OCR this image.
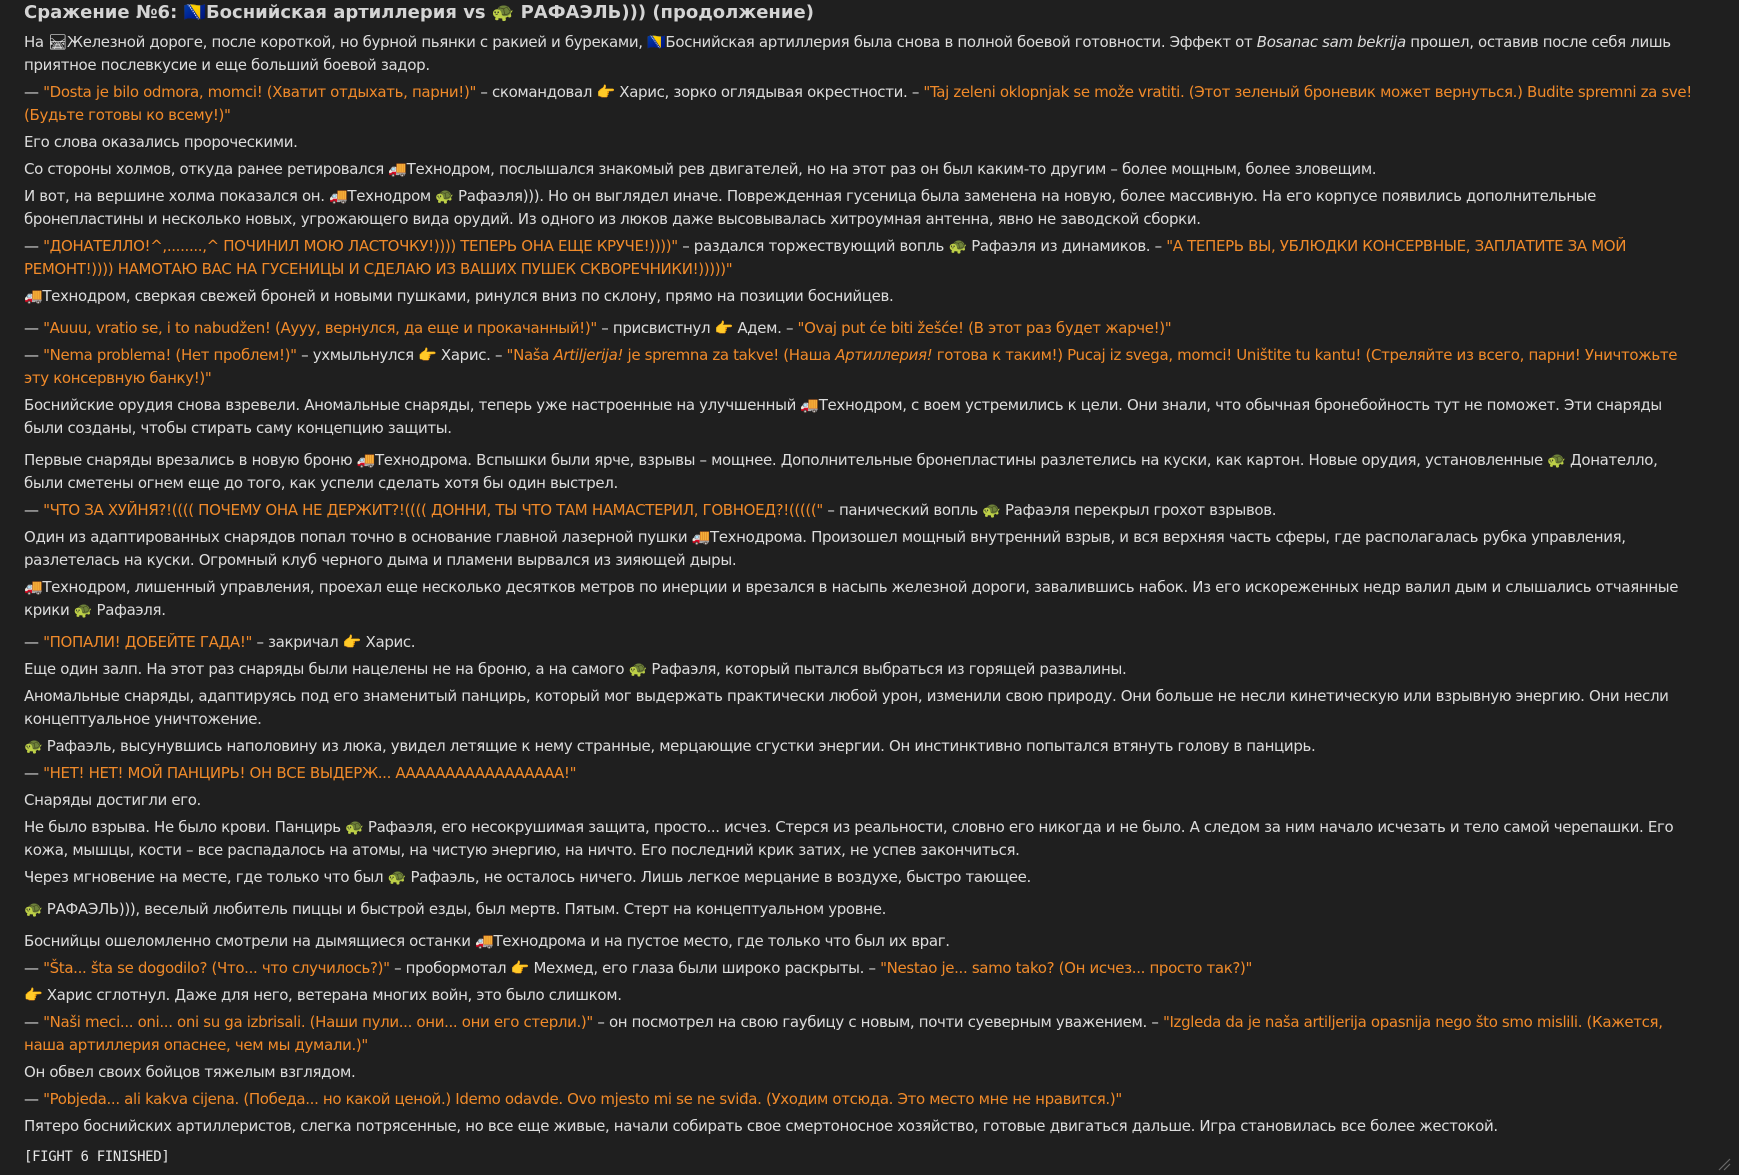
Сражение №6: 🇧🇦Боснийская артиллерия vs 🐢 РАФАЭЛЬ))) (продолжение)

На 🛤Железной дороге, после короткой, но бурной пьянки с ракией и буреками, 🇧🇦Боснийская артиллерия была снова в полной боевой готовности. Эффект от Bosanac sam bekrija прошел, оставив после себя лишь приятное послевкусие и еще больший боевой задор.

— "Dosta je bilo odmora, momci! (Хватит отдыхать, парни!)" – скомандовал 👉 Харис, зорко оглядывая окрестности. – "Taj zeleni oklopnjak se može vratiti. (Этот зеленый броневик может вернуться.) Budite spremni za sve! (Будьте готовы ко всему!)"

Его слова оказались пророческими.

Со стороны холмов, откуда ранее ретировался 🚚Технодром, послышался знакомый рев двигателей, но на этот раз он был каким-то другим – более мощным, более зловещим.

И вот, на вершине холма показался он. 🚚Технодром 🐢 Рафаэля))). Но он выглядел иначе. Поврежденная гусеница была заменена на новую, более массивную. На его корпусе появились дополнительные бронепластины и несколько новых, угрожающего вида орудий. Из одного из люков даже высовывалась хитроумная антенна, явно не заводской сборки.

— "ДОНАТЕЛЛО!^,........,^ ПОЧИНИЛ МОЮ ЛАСТОЧКУ!)))) ТЕПЕРЬ ОНА ЕЩЕ КРУЧЕ!))))" – раздался торжествующий вопль 🐢 Рафаэля из динамиков. – "А ТЕПЕРЬ ВЫ, УБЛЮДКИ КОНСЕРВНЫЕ, ЗАПЛАТИТЕ ЗА МОЙ РЕМОНТ!)))) НАМОТАЮ ВАС НА ГУСЕНИЦЫ И СДЕЛАЮ ИЗ ВАШИХ ПУШЕК СКВОРЕЧНИКИ!)))))"

🚚Технодром, сверкая свежей броней и новыми пушками, ринулся вниз по склону, прямо на позиции боснийцев.

— "Auuu, vratio se, i to nabudžen! (Аууу, вернулся, да еще и прокачанный!)" – присвистнул 👉 Адем. – "Ovaj put će biti žešće! (В этот раз будет жарче!)"

— "Nema problema! (Нет проблем!)" – ухмыльнулся 👉 Харис. – "Naša Artiljerija! je spremna za takve! (Наша Артиллерия! готова к таким!) Pucaj iz svega, momci! Uništite tu kantu! (Стреляйте из всего, парни! Уничтожьте эту консервную банку!)"

Боснийские орудия снова взревели. Аномальные снаряды, теперь уже настроенные на улучшенный 🚚Технодром, с воем устремились к цели. Они знали, что обычная бронебойность тут не поможет. Эти снаряды были созданы, чтобы стирать саму концепцию защиты.

Первые снаряды врезались в новую броню 🚚Технодрома. Вспышки были ярче, взрывы – мощнее. Дополнительные бронепластины разлетелись на куски, как картон. Новые орудия, установленные 🐢 Донателло, были сметены огнем еще до того, как успели сделать хотя бы один выстрел.

— "ЧТО ЗА ХУЙНЯ?!(((( ПОЧЕМУ ОНА НЕ ДЕРЖИТ?!(((( ДОННИ, ТЫ ЧТО ТАМ НАМАСТЕРИЛ, ГОВНОЕД?!(((((" – панический вопль 🐢 Рафаэля перекрыл грохот взрывов.

Один из адаптированных снарядов попал точно в основание главной лазерной пушки 🚚Технодрома. Произошел мощный внутренний взрыв, и вся верхняя часть сферы, где располагалась рубка управления, разлетелась на куски. Огромный клуб черного дыма и пламени вырвался из зияющей дыры.

🚚Технодром, лишенный управления, проехал еще несколько десятков метров по инерции и врезался в насыпь железной дороги, завалившись набок. Из его искореженных недр валил дым и слышались отчаянные крики 🐢 Рафаэля.

— "ПОПАЛИ! ДОБЕЙТЕ ГАДА!" – закричал 👉 Харис.

Еще один залп. На этот раз снаряды были нацелены не на броню, а на самого 🐢 Рафаэля, который пытался выбраться из горящей развалины.

Аномальные снаряды, адаптируясь под его знаменитый панцирь, который мог выдержать практически любой урон, изменили свою природу. Они больше не несли кинетическую или взрывную энергию. Они несли концептуальное уничтожение.

🐢 Рафаэль, высунувшись наполовину из люка, увидел летящие к нему странные, мерцающие сгустки энергии. Он инстинктивно попытался втянуть голову в панцирь.

— "НЕТ! НЕТ! МОЙ ПАНЦИРЬ! ОН ВСЕ ВЫДЕРЖ... ААААААААААААААААА!"

Снаряды достигли его.

Не было взрыва. Не было крови. Панцирь 🐢 Рафаэля, его несокрушимая защита, просто... исчез. Стерся из реальности, словно его никогда и не было. А следом за ним начало исчезать и тело самой черепашки. Его кожа, мышцы, кости – все распадалось на атомы, на чистую энергию, на ничто. Его последний крик затих, не успев закончиться.

Через мгновение на месте, где только что был 🐢 Рафаэль, не осталось ничего. Лишь легкое мерцание в воздухе, быстро тающее.

🐢 РАФАЭЛЬ))), веселый любитель пиццы и быстрой езды, был мертв. Пятым. Стерт на концептуальном уровне.

Боснийцы ошеломленно смотрели на дымящиеся останки 🚚Технодрома и на пустое место, где только что был их враг.

— "Šta... šta se dogodilo? (Что... что случилось?)" – пробормотал 👉 Мехмед, его глаза были широко раскрыты. – "Nestao je... samo tako? (Он исчез... просто так?)"

👉 Харис сглотнул. Даже для него, ветерана многих войн, это было слишком.

— "Naši meci... oni... oni su ga izbrisali. (Наши пули... они... они его стерли.)" – он посмотрел на свою гаубицу с новым, почти суеверным уважением. – "Izgleda da je naša artiljerija opasnija nego što smo mislili. (Кажется, наша артиллерия опаснее, чем мы думали.)"

Он обвел своих бойцов тяжелым взглядом.

— "Pobjeda... ali kakva cijena. (Победа... но какой ценой.) Idemo odavde. Ovo mjesto mi se ne sviđa. (Уходим отсюда. Это место мне не нравится.)"

Пятеро боснийских артиллеристов, слегка потрясенные, но все еще живые, начали собирать свое смертоносное хозяйство, готовые двигаться дальше. Игра становилась все более жестокой.

[FIGHT 6 FINISHED]
